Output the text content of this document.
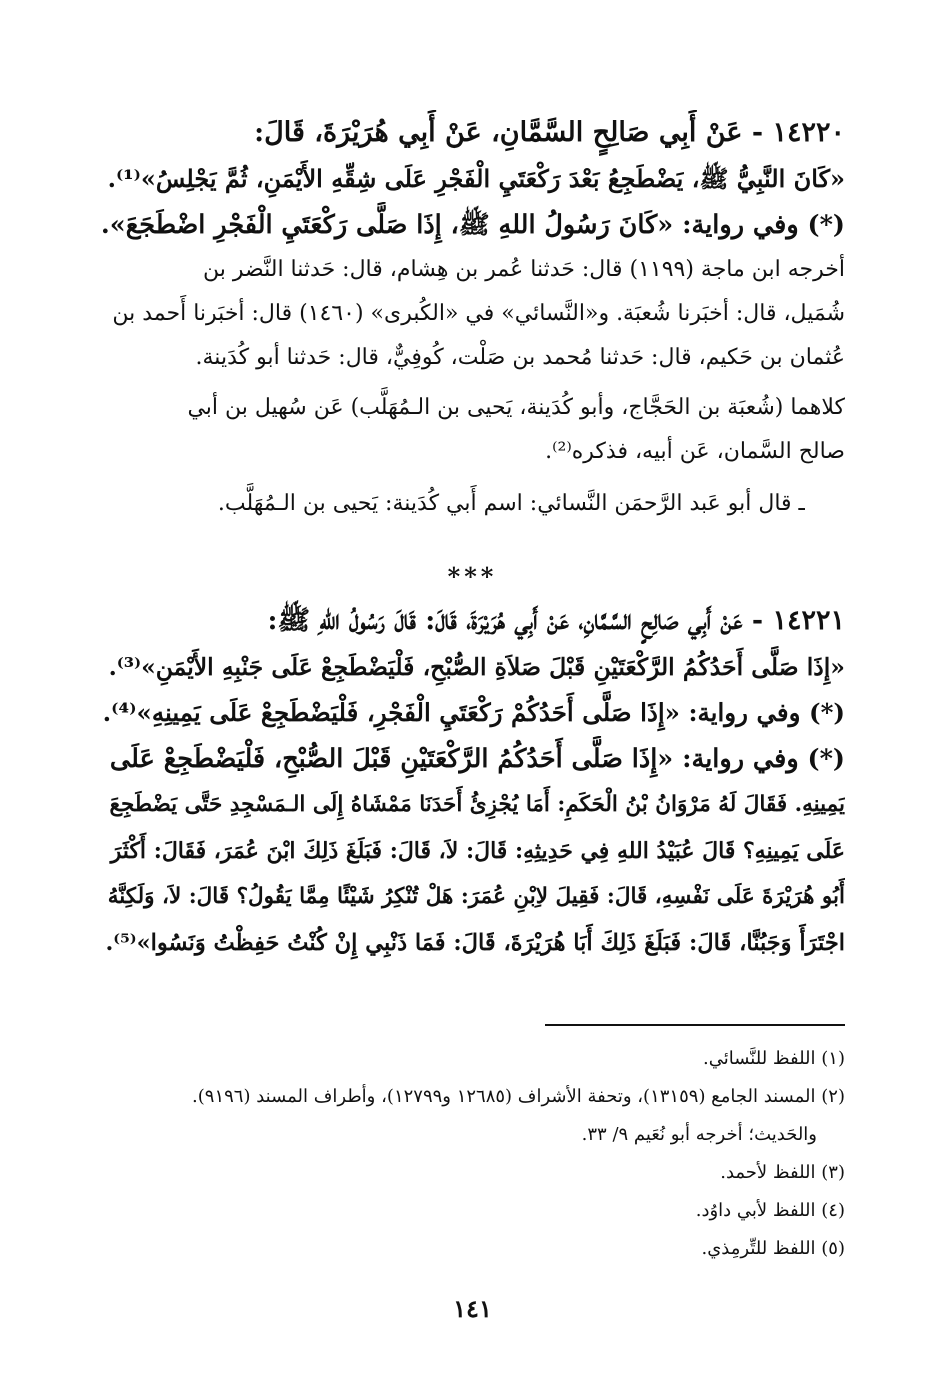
١٤٢٢٠ - عَنْ أَبِي صَالِحٍ السَّمَّانِ، عَنْ أَبِي هُرَيْرَةَ، قَالَ:
«كَانَ النَّبِيُّ ﷺ، يَضْطَجِعُ بَعْدَ رَكْعَتَيِ الْفَجْرِ عَلَى شِقِّهِ الأَيْمَنِ، ثُمَّ يَجْلِسُ»⁽¹⁾.
(*) وفي رواية: «كَانَ رَسُولُ اللهِ ﷺ، إِذَا صَلَّى رَكْعَتَيِ الْفَجْرِ اضْطَجَعَ».
أخرجه ابن ماجة (١١٩٩) قال: حَدثنا عُمر بن هِشام، قال: حَدثنا النَّضر بن
شُمَيل، قال: أخبَرنا شُعبَة. و«النَّسائي» في «الكُبرى» (١٤٦٠) قال: أخبَرنا أَحمد بن
عُثمان بن حَكيم، قال: حَدثنا مُحمد بن صَلْت، كُوفِيٌّ، قال: حَدثنا أبو كُدَينة.
كلاهما (شُعبَة بن الحَجَّاج، وأبو كُدَينة، يَحيى بن الـمُهَلَّب) عَن سُهيل بن أبي
صالح السَّمان، عَن أبيه، فذكره⁽²⁾.
ـ قال أبو عَبد الرَّحمَن النَّسائي: اسم أَبي كُدَينة: يَحيى بن الـمُهَلَّب.
***
١٤٢٢١ - عَنْ أَبِي صَالِحٍ السَّمَّانِ، عَنْ أَبِي هُرَيْرَةَ، قَالَ: قَالَ رَسُولُ اللهِ ﷺ:
«إِذَا صَلَّى أَحَدُكُمُ الرَّكْعَتَيْنِ قَبْلَ صَلاَةِ الصُّبْحِ، فَلْيَضْطَجِعْ عَلَى جَنْبِهِ الأَيْمَنِ»⁽³⁾.
(*) وفي رواية: «إِذَا صَلَّى أَحَدُكُمْ رَكْعَتَيِ الْفَجْرِ، فَلْيَضْطَجِعْ عَلَى يَمِينِهِ»⁽⁴⁾.
(*) وفي رواية: «إِذَا صَلَّى أَحَدُكُمُ الرَّكْعَتَيْنِ قَبْلَ الصُّبْحِ، فَلْيَضْطَجِعْ عَلَى
يَمِينِهِ. فَقَالَ لَهُ مَرْوَانُ بْنُ الْحَكَمِ: أَمَا يُجْزِئُ أَحَدَنَا مَمْشَاهُ إِلَى الـمَسْجِدِ حَتَّى يَضْطَجِعَ
عَلَى يَمِينِهِ؟ قَالَ عُبَيْدُ اللهِ فِي حَدِيثِهِ: قَالَ: لاَ، قَالَ: فَبَلَغَ ذَلِكَ ابْنَ عُمَرَ، فَقَالَ: أَكْثَرَ
أَبُو هُرَيْرَةَ عَلَى نَفْسِهِ، قَالَ: فَقِيلَ لاِبْنِ عُمَرَ: هَلْ تُنْكِرُ شَيْئًا مِمَّا يَقُولُ؟ قَالَ: لاَ، وَلَكِنَّهُ
اجْتَرَأَ وَجَبُنَّا، قَالَ: فَبَلَغَ ذَلِكَ أَبَا هُرَيْرَةَ، قَالَ: فَمَا ذَنْبِي إِنْ كُنْتُ حَفِظْتُ وَنَسُوا»⁽⁵⁾.
(١) اللفظ للنَّسائي.
(٢) المسند الجامع (١٣١٥٩)، وتحفة الأشراف (١٢٦٨٥ و١٢٧٩٩)، وأطراف المسند (٩١٩٦).
والحَديث؛ أخرجه أبو نُعَيم ٩/ ٣٣.
(٣) اللفظ لأحمد.
(٤) اللفظ لأبي داوُد.
(٥) اللفظ للتِّرمِذي.
١٤١
